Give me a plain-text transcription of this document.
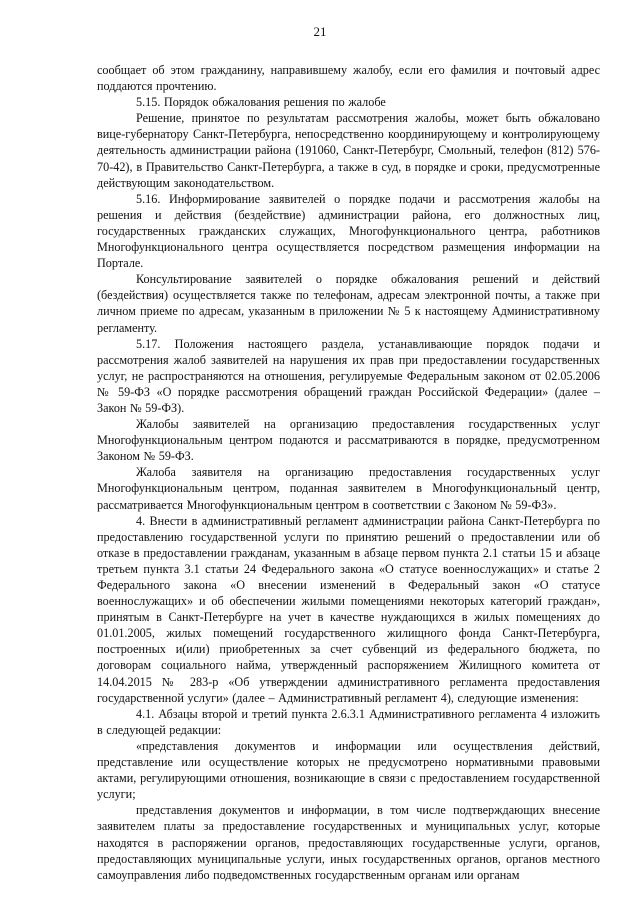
21

сообщает об этом гражданину, направившему жалобу, если его фамилия и почтовый адрес поддаются прочтению.

5.15. Порядок обжалования решения по жалобе

Решение, принятое по результатам рассмотрения жалобы, может быть обжаловано вице-губернатору Санкт-Петербурга, непосредственно координирующему и контролирующему деятельность администрации района (191060, Санкт-Петербург, Смольный, телефон (812) 576-70-42), в Правительство Санкт-Петербурга, а также в суд, в порядке и сроки, предусмотренные действующим законодательством.

5.16. Информирование заявителей о порядке подачи и рассмотрения жалобы на решения и действия (бездействие) администрации района, его должностных лиц, государственных гражданских служащих, Многофункционального центра, работников Многофункционального центра осуществляется посредством размещения информации на Портале.

Консультирование заявителей о порядке обжалования решений и действий (бездействия) осуществляется также по телефонам, адресам электронной почты, а также при личном приеме по адресам, указанным в приложении № 5 к настоящему Административному регламенту.

5.17. Положения настоящего раздела, устанавливающие порядок подачи и рассмотрения жалоб заявителей на нарушения их прав при предоставлении государственных услуг, не распространяются на отношения, регулируемые Федеральным законом от 02.05.2006 № 59-ФЗ «О порядке рассмотрения обращений граждан Российской Федерации» (далее – Закон № 59-ФЗ).

Жалобы заявителей на организацию предоставления государственных услуг Многофункциональным центром подаются и рассматриваются в порядке, предусмотренном Законом № 59-ФЗ.

Жалоба заявителя на организацию предоставления государственных услуг Многофункциональным центром, поданная заявителем в Многофункциональный центр, рассматривается Многофункциональным центром в соответствии с Законом № 59-ФЗ».

4. Внести в административный регламент администрации района Санкт-Петербурга по предоставлению государственной услуги по принятию решений о предоставлении или об отказе в предоставлении гражданам, указанным в абзаце первом пункта 2.1 статьи 15 и абзаце третьем пункта 3.1 статьи 24 Федерального закона «О статусе военнослужащих» и статье 2 Федерального закона «О внесении изменений в Федеральный закон «О статусе военнослужащих» и об обеспечении жилыми помещениями некоторых категорий граждан», принятым в Санкт-Петербурге на учет в качестве нуждающихся в жилых помещениях до 01.01.2005, жилых помещений государственного жилищного фонда Санкт-Петербурга, построенных и(или) приобретенных за счет субвенций из федерального бюджета, по договорам социального найма, утвержденный распоряжением Жилищного комитета от 14.04.2015 № 283-р «Об утверждении административного регламента предоставления государственной услуги» (далее – Административный регламент 4), следующие изменения:

4.1. Абзацы второй и третий пункта 2.6.3.1 Административного регламента 4 изложить в следующей редакции:

«представления документов и информации или осуществления действий, представление или осуществление которых не предусмотрено нормативными правовыми актами, регулирующими отношения, возникающие в связи с предоставлением государственной услуги;

представления документов и информации, в том числе подтверждающих внесение заявителем платы за предоставление государственных и муниципальных услуг, которые находятся в распоряжении органов, предоставляющих государственные услуги, органов, предоставляющих муниципальные услуги, иных государственных органов, органов местного самоуправления либо подведомственных государственным органам или органам
